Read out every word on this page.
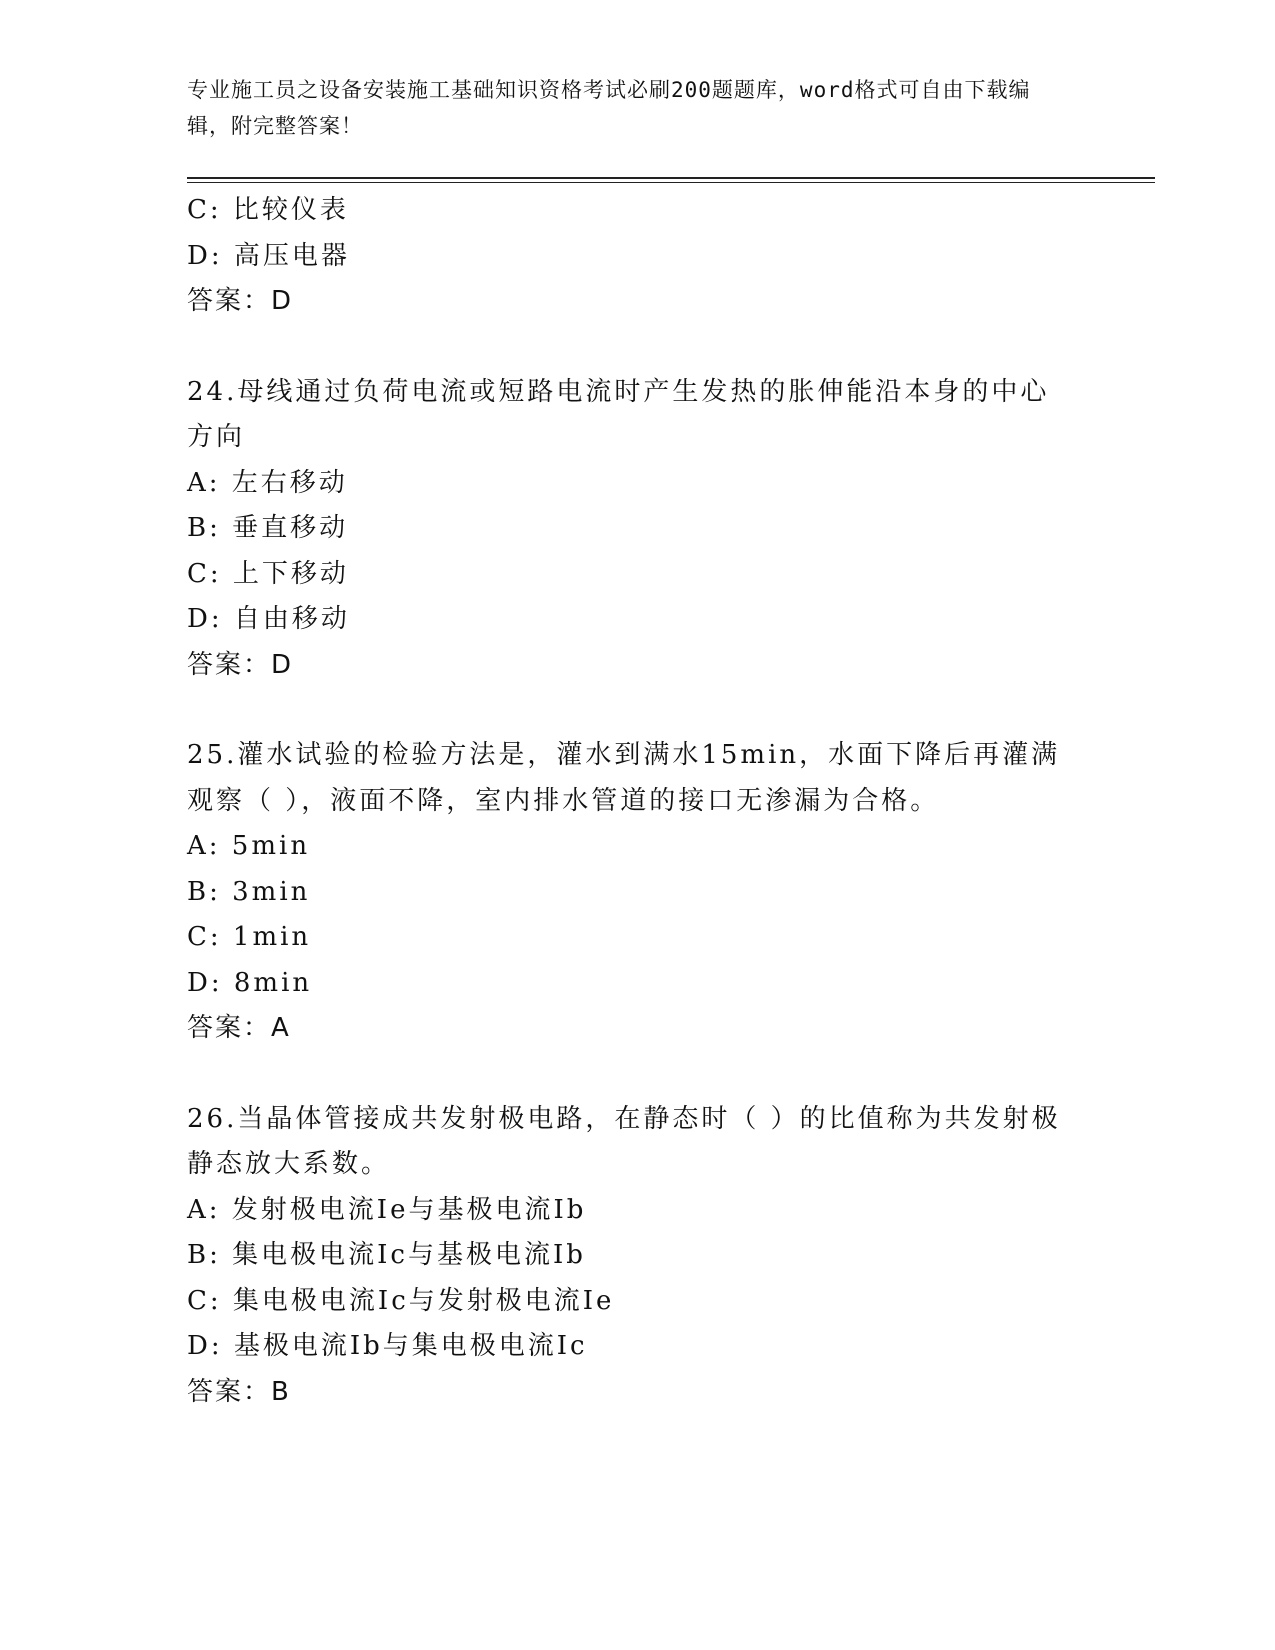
专业施工员之设备安装施工基础知识资格考试必刷200题题库，word格式可自由下载编辑，附完整答案！
C: 比较仪表
D: 高压电器
答案：D
24.母线通过负荷电流或短路电流时产生发热的胀伸能沿本身的中心方向
A: 左右移动
B: 垂直移动
C: 上下移动
D: 自由移动
答案：D
25.灌水试验的检验方法是，灌水到满水15min，水面下降后再灌满观察（ ），液面不降，室内排水管道的接口无渗漏为合格。
A: 5min
B: 3min
C: 1min
D: 8min
答案：A
26.当晶体管接成共发射极电路，在静态时（ ）的比值称为共发射极静态放大系数。
A: 发射极电流Ie与基极电流Ib
B: 集电极电流Ic与基极电流Ib
C: 集电极电流Ic与发射极电流Ie
D: 基极电流Ib与集电极电流Ic
答案：B
